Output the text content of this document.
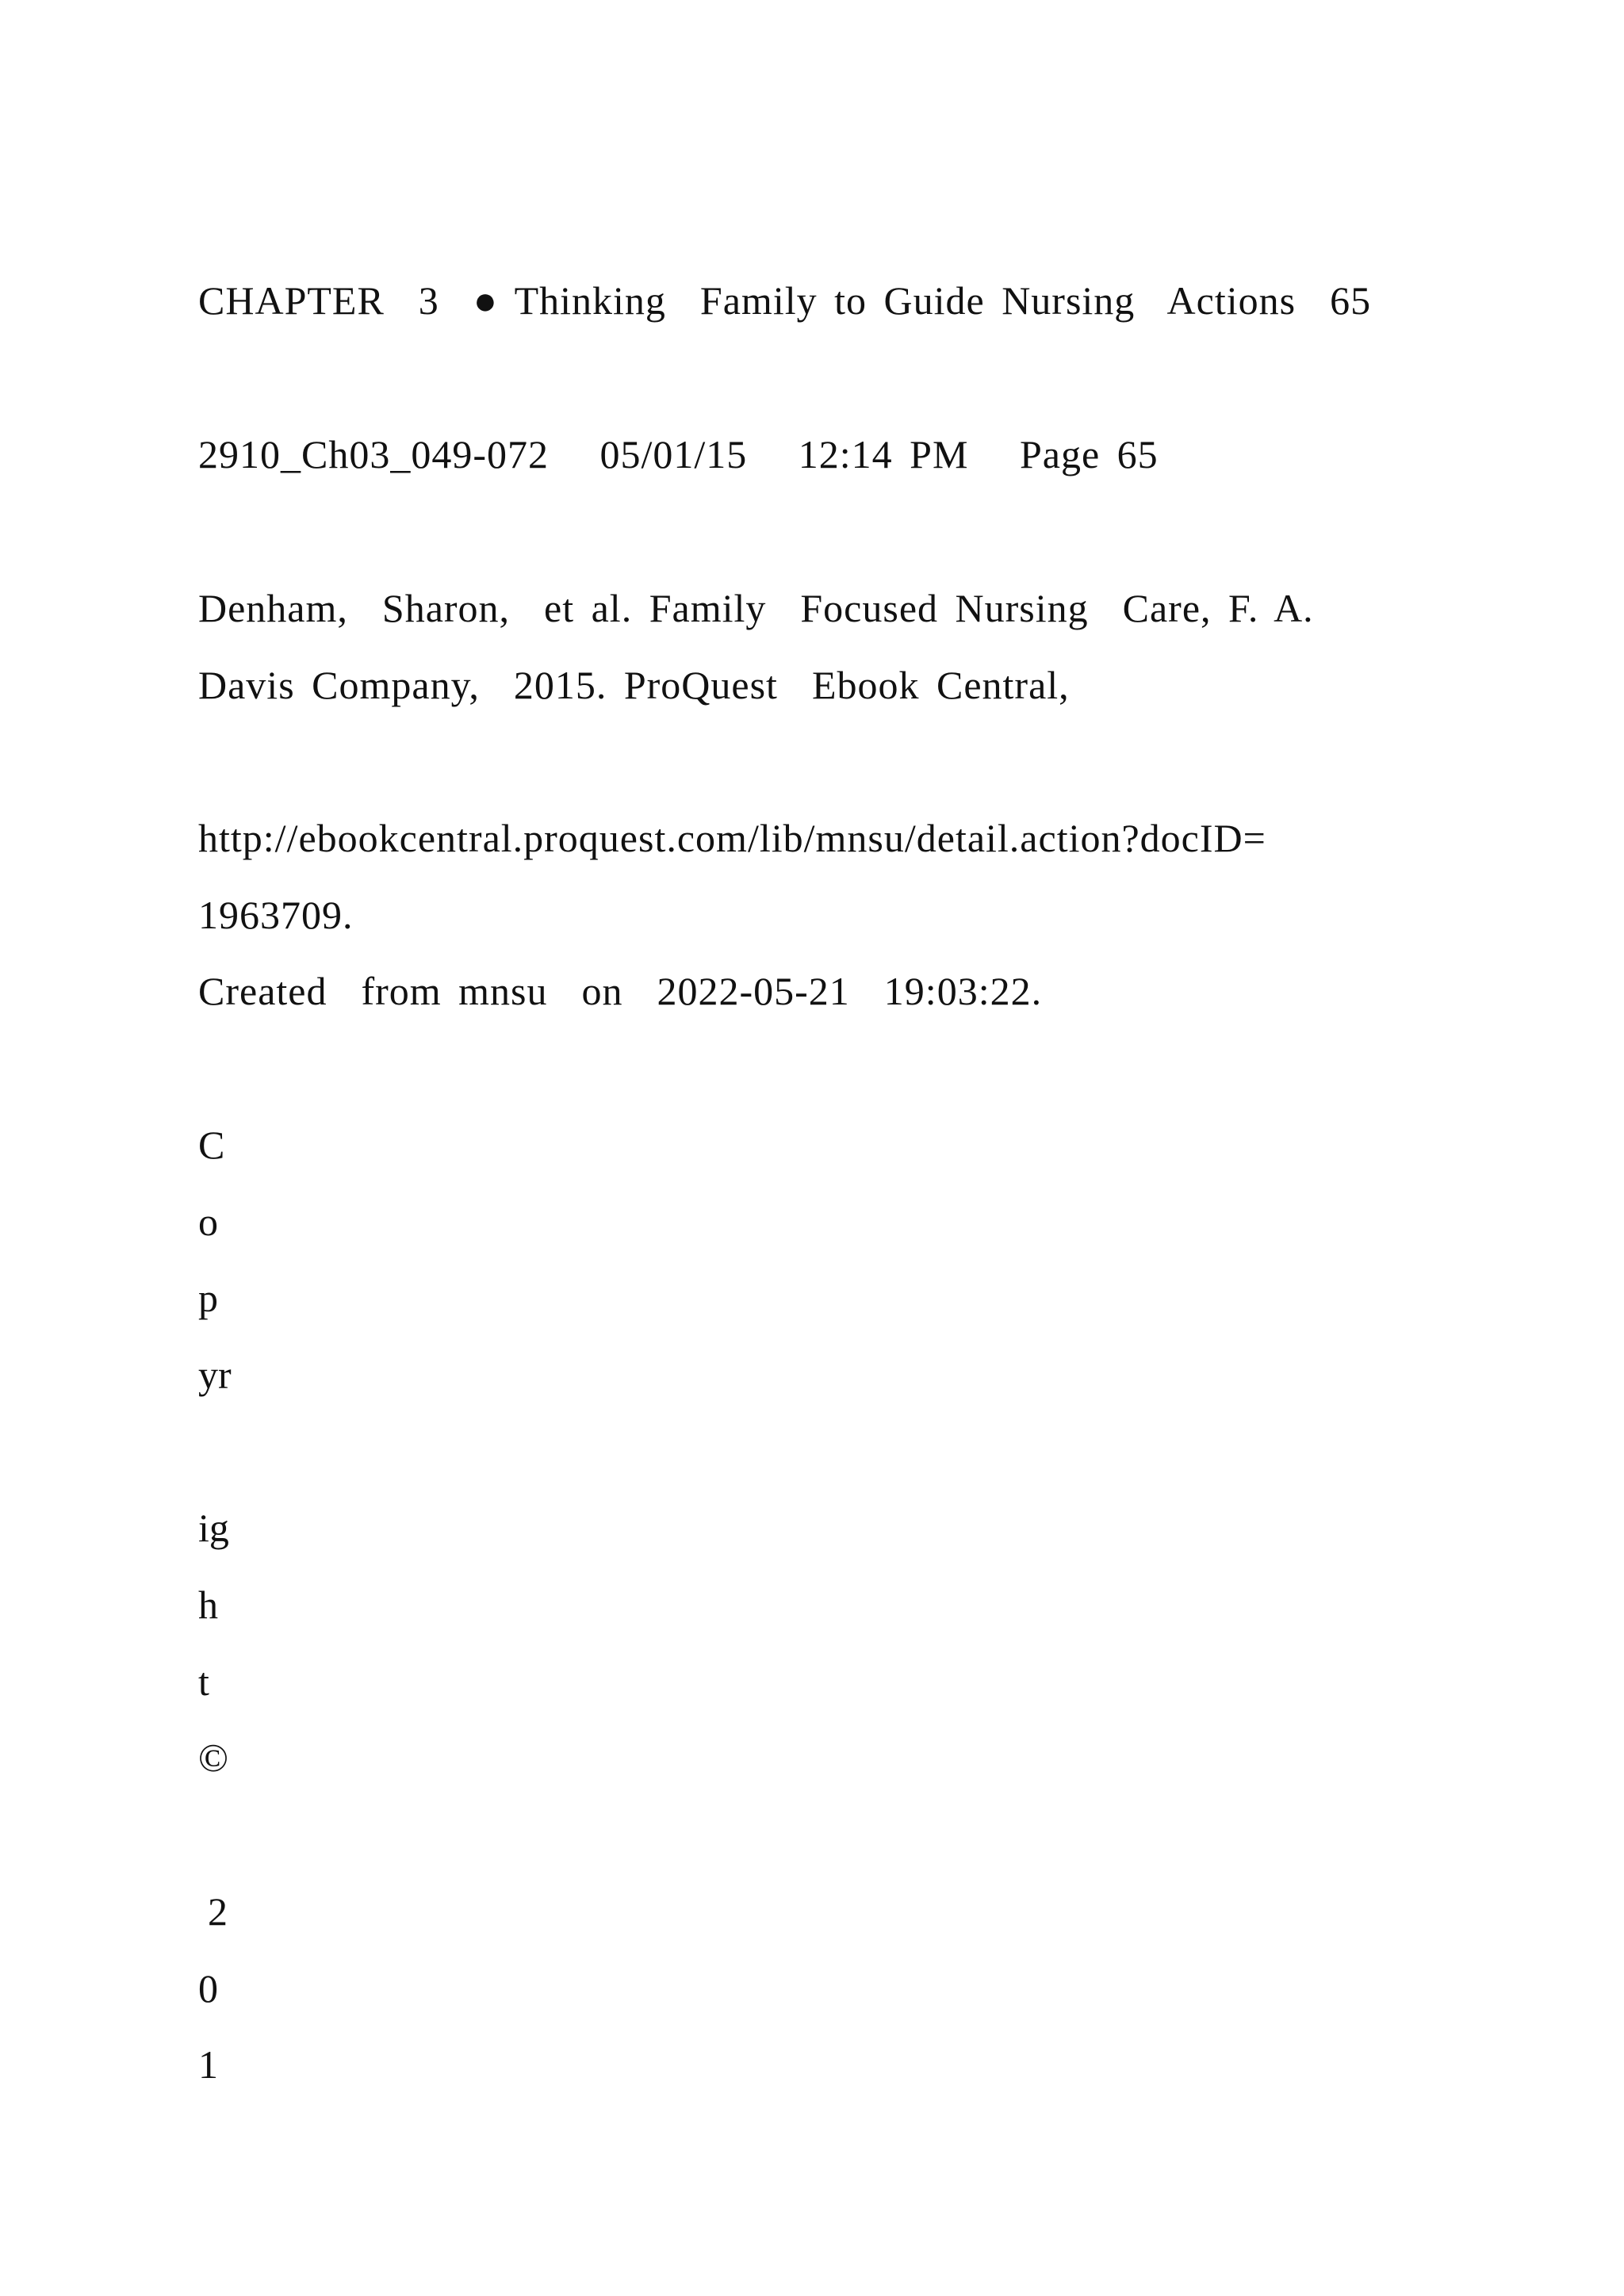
CHAPTER  3  ● Thinking  Family to Guide Nursing  Actions  65
2910_Ch03_049-072   05/01/15   12:14 PM   Page 65
Denham,  Sharon,  et al. Family  Focused Nursing  Care, F. A.
Davis Company,  2015. ProQuest  Ebook Central,
http://ebookcentral.proquest.com/lib/mnsu/detail.action?docID=
1963709.
Created  from mnsu  on  2022-05-21  19:03:22.
C
o
p
yr
ig
h
t
©
2
0
1
